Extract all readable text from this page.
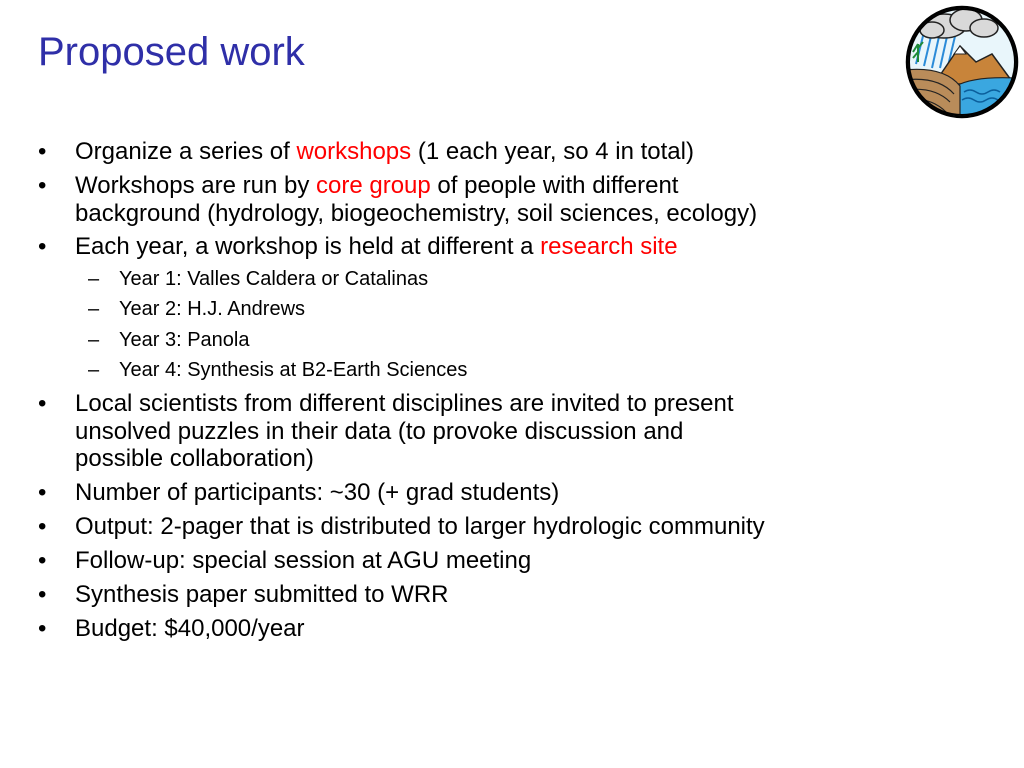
Proposed work
• Organize a series of workshops (1 each year, so 4 in total)
• Workshops are run by core group of people with different
background (hydrology, biogeochemistry, soil sciences, ecology)
• Each year, a workshop is held at different a research site
– Year 1: Valles Caldera or Catalinas
– Year 2: H.J. Andrews
– Year 3: Panola
– Year 4: Synthesis at B2-Earth Sciences
• Local scientists from different disciplines are invited to present
unsolved puzzles in their data (to provoke discussion and
possible collaboration)
• Number of participants: ~30 (+ grad students)
• Output: 2-pager that is distributed to larger hydrologic community
• Follow-up: special session at AGU meeting
• Synthesis paper submitted to WRR
• Budget: $40,000/year
